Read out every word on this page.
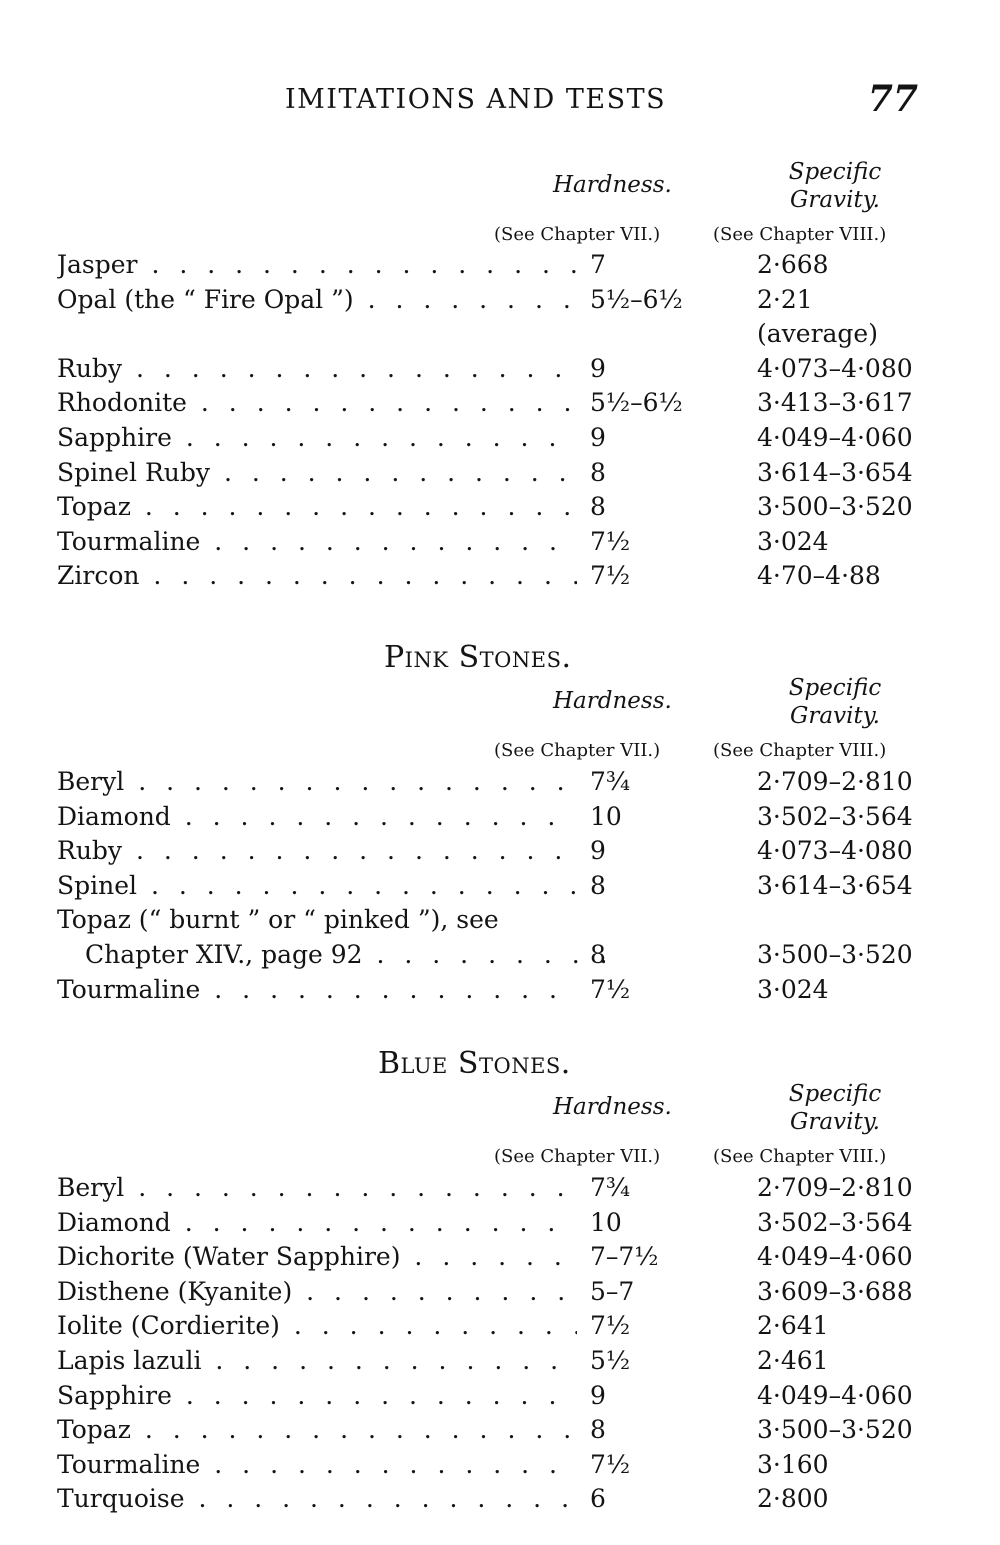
IMITATIONS AND TESTS	77
Hardness.	Specific
Gravity.
(See Chapter VII.)	(See Chapter VIII.)
Jasper . . .	7	2·668
Opal (the “ Fire Opal ”) . . .	5½–6½	2·21
(average)
Ruby . . .	9	4·073–4·080
Rhodonite . . .	5½–6½	3·413–3·617
Sapphire . . .	9	4·049–4·060
Spinel Ruby . . .	8	3·614–3·654
Topaz . . .	8	3·500–3·520
Tourmaline . . .	7½	3·024
Zircon . . .	7½	4·70–4·88
Pink Stones.
Hardness.	Specific
Gravity.
(See Chapter VII.)	(See Chapter VIII.)
Beryl . . .	7¾	2·709–2·810
Diamond . . .	10	3·502–3·564
Ruby . . .	9	4·073–4·080
Spinel . . .	8	3·614–3·654
Topaz (“ burnt ” or “ pinked ”), see
Chapter XIV., page 92 . . .	8	3·500–3·520
Tourmaline . . .	7½	3·024
Blue Stones.
Hardness.	Specific
Gravity.
(See Chapter VII.)	(See Chapter VIII.)
Beryl . . .	7¾	2·709–2·810
Diamond . . .	10	3·502–3·564
Dichorite (Water Sapphire) . . .	7–7½	4·049–4·060
Disthene (Kyanite) . . .	5–7	3·609–3·688
Iolite (Cordierite) . . .	7½	2·641
Lapis lazuli . . .	5½	2·461
Sapphire . . .	9	4·049–4·060
Topaz . . .	8	3·500–3·520
Tourmaline . . .	7½	3·160
Turquoise . . .	6	2·800
